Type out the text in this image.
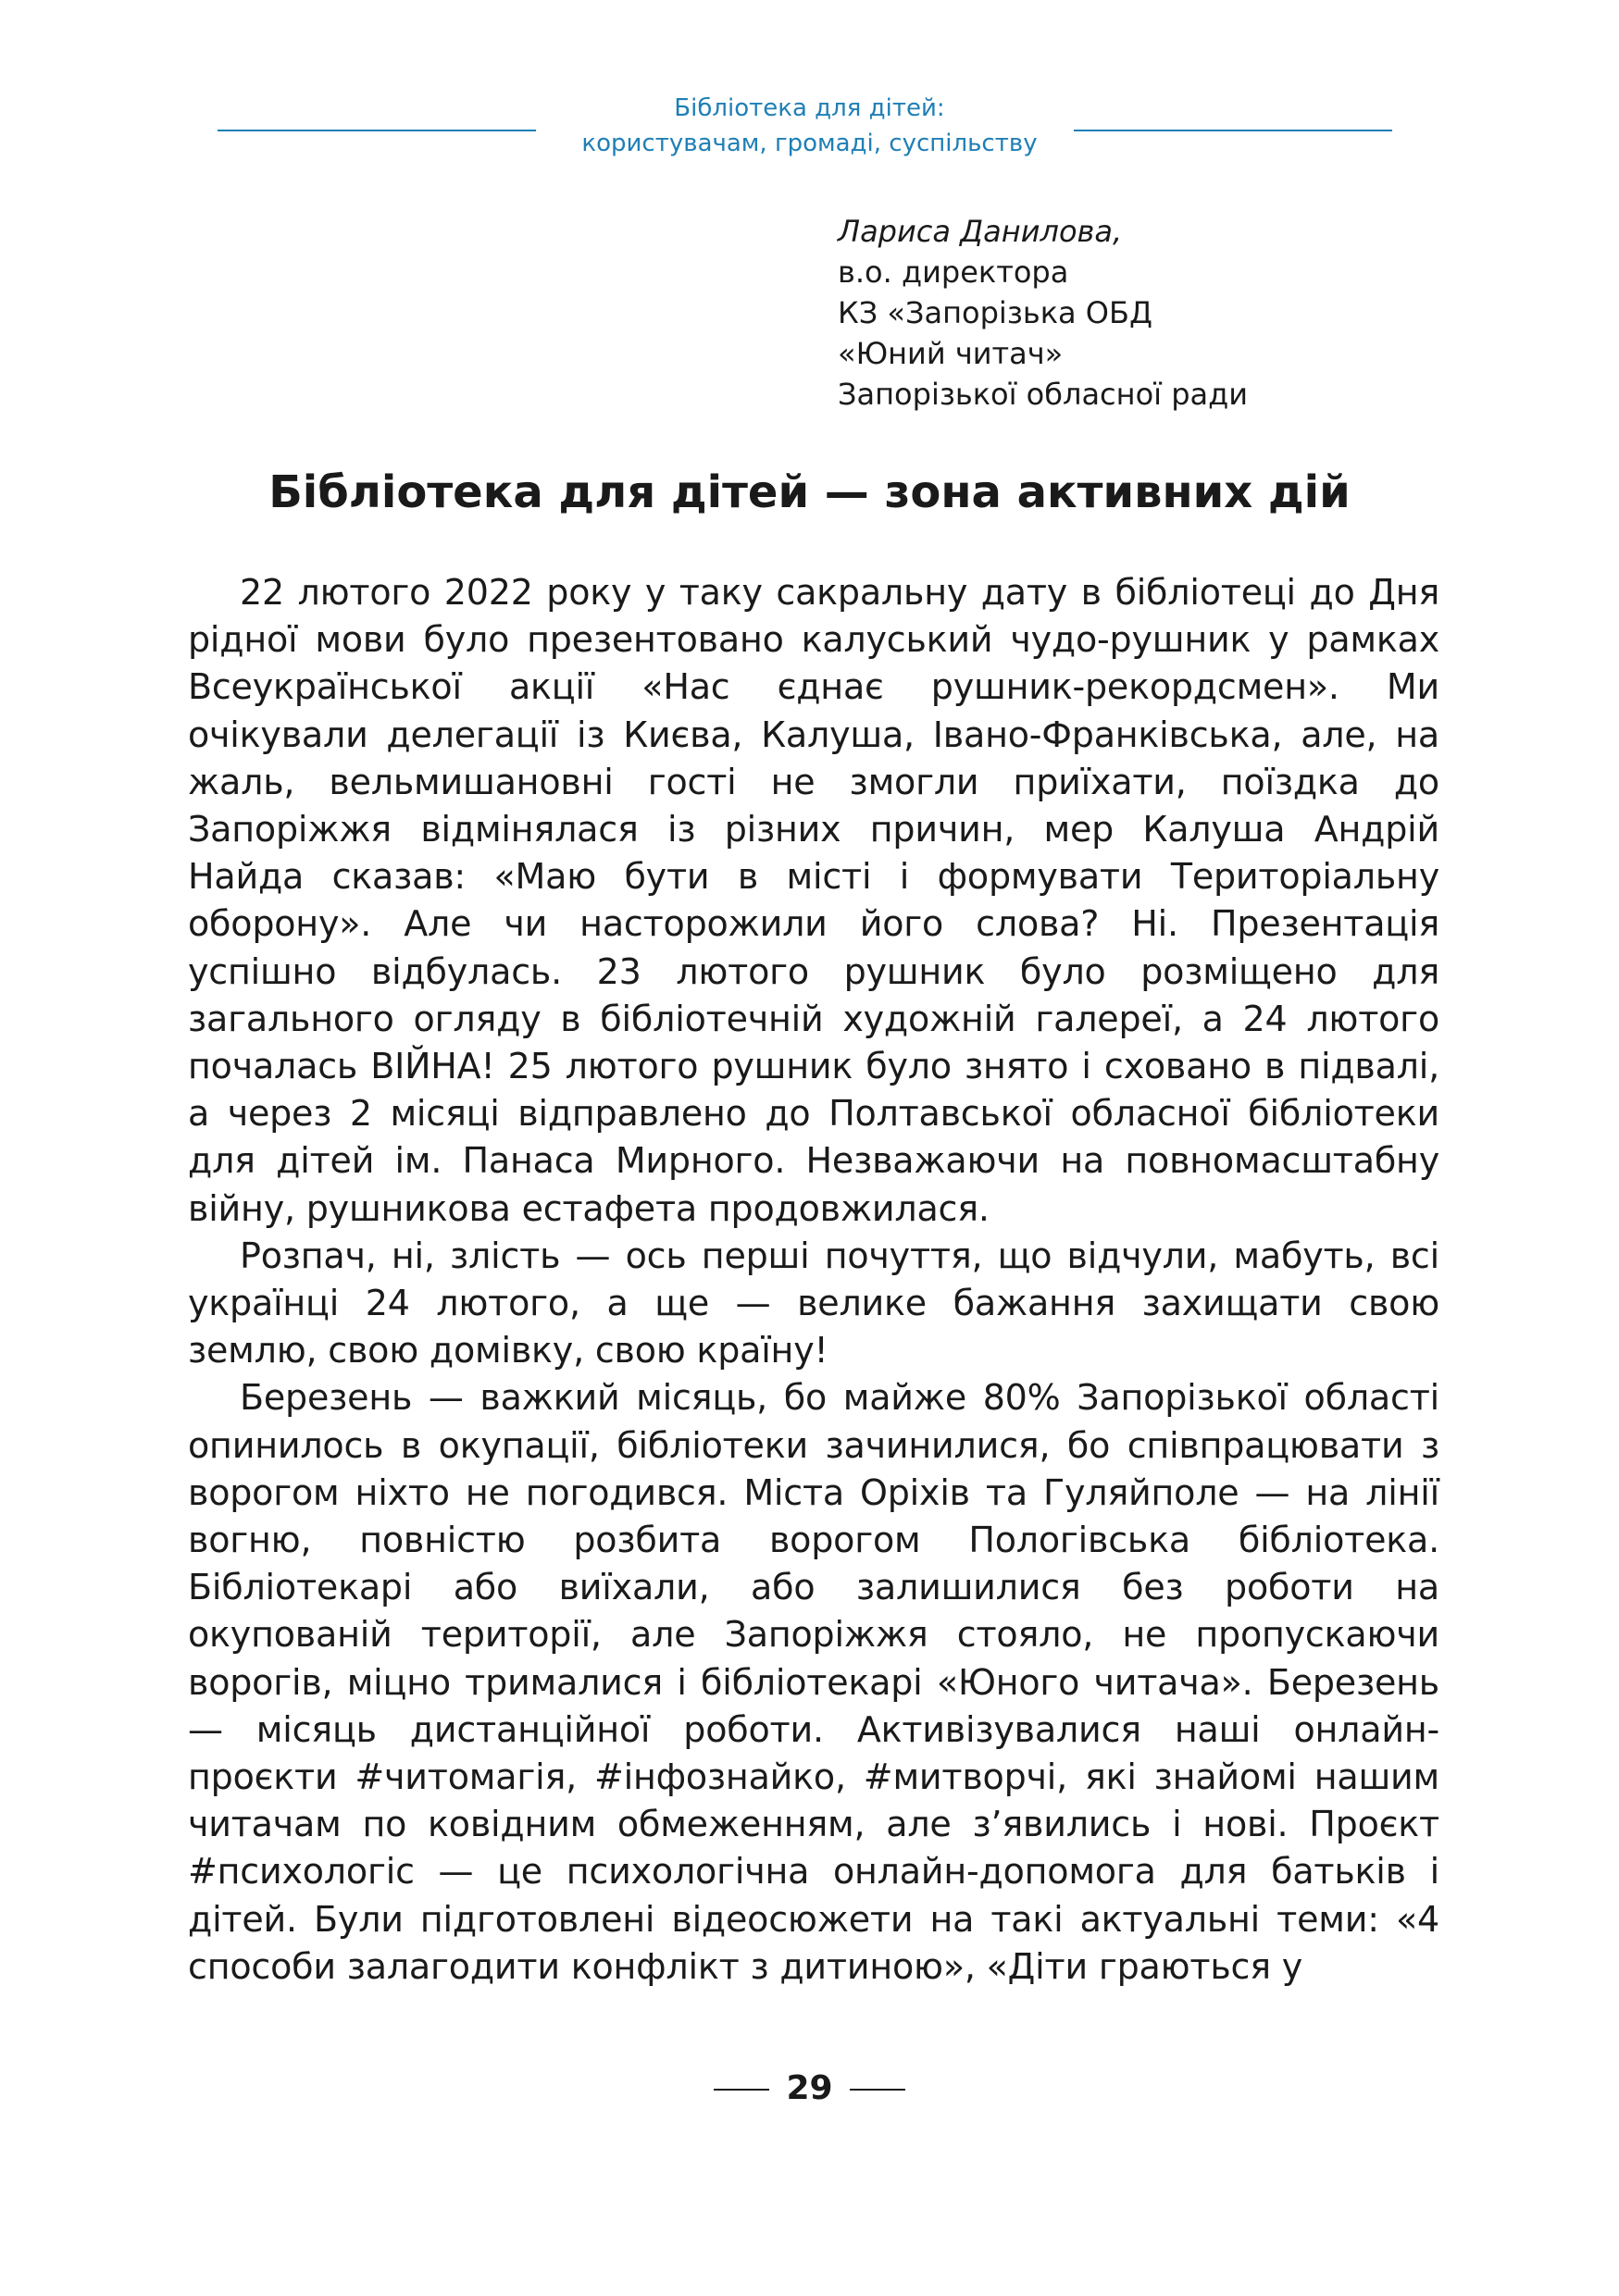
Бібліотека для дітей:
користувачам, громаді, суспільству
Лариса Данилова,
в.о. директора
КЗ «Запорізька ОБД
«Юний читач»
Запорізької обласної ради
Бібліотека для дітей — зона активних дій

22 лютого 2022 року у таку сакральну дату в бібліотеці до Дня рідної мови було презентовано калуський чудо-рушник у рамках Всеукраїнської акції «Нас єднає рушник-рекордсмен». Ми очікували делегації із Києва, Калуша, Івано-Франківська, але, на жаль, вельмишановні гості не змогли приїхати, поїздка до Запоріжжя відмінялася із різних причин, мер Калуша Андрій Найда сказав: «Маю бути в місті і формувати Територіальну оборону». Але чи насторожили його слова? Ні. Презентація успішно відбулась. 23 лютого рушник було розміщено для загального огляду в бібліотечній художній галереї, а 24 лютого почалась ВІЙНА! 25 лютого рушник було знято і сховано в підвалі, а через 2 місяці відправлено до Полтавської обласної бібліотеки для дітей ім. Панаса Мирного. Незважаючи на повномасштабну війну, рушникова естафета продовжилася.

Розпач, ні, злість — ось перші почуття, що відчули, мабуть, всі українці 24 лютого, а ще — велике бажання захищати свою землю, свою домівку, свою країну!

Березень — важкий місяць, бо майже 80% Запорізької області опинилось в окупації, бібліотеки зачинилися, бо співпрацювати з ворогом ніхто не погодився. Міста Оріхів та Гуляйполе — на лінії вогню, повністю розбита ворогом Пологівська бібліотека. Бібліотекарі або виїхали, або залишилися без роботи на окупованій території, але Запоріжжя стояло, не пропускаючи ворогів, міцно трималися і бібліотекарі «Юного читача». Березень — місяць дистанційної роботи. Активізувалися наші онлайн-проєкти #читомагія, #інфознайко, #митворчі, які знайомі нашим читачам по ковідним обмеженням, але з’явились і нові. Проєкт #психологіс — це психологічна онлайн-допомога для батьків і дітей. Були підготовлені відеосюжети на такі актуальні теми: «4 способи залагодити конфлікт з дитиною», «Діти граються у

29
